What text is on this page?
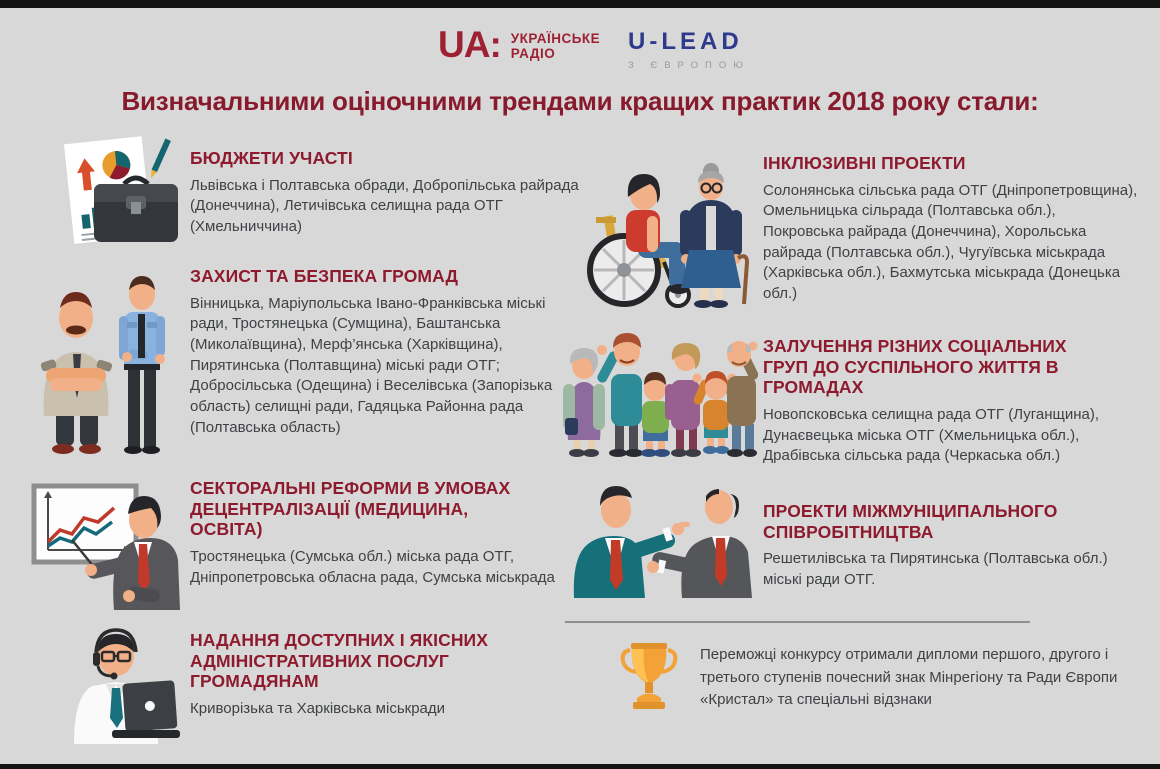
UA: УКРАЇНСЬКЕ
РАДІО	U-LEAD
З ЄВРОПОЮ
Визначальними оціночними трендами кращих практик 2018 року стали:
БЮДЖЕТИ УЧАСТІ

Львівська і Полтавська обради, Добропільська райрада (Донеччина), Летичівська селищна рада ОТГ (Хмельниччина)

ЗАХИСТ ТА БЕЗПЕКА ГРОМАД

Вінницька, Маріупольська Івано-Франківська міські ради, Тростянецька (Сумщина), Баштанська (Миколаївщина), Мерф’янська (Харківщина), Пирятинська (Полтавщина) міські ради ОТГ; Добросільська (Одещина) і Веселівська (Запорізька область) селищні ради, Гадяцька Районна рада (Полтавська область)

СЕКТОРАЛЬНІ РЕФОРМИ В УМОВАХ ДЕЦЕНТРАЛІЗАЦІЇ (МЕДИЦИНА, ОСВІТА)

Тростянецька (Сумська обл.) міська рада ОТГ, Дніпропетровська обласна рада, Сумська міськрада

НАДАННЯ ДОСТУПНИХ І ЯКІСНИХ АДМІНІСТРАТИВНИХ ПОСЛУГ ГРОМАДЯНАМ

Криворізька та Харківська міськради

ІНКЛЮЗИВНІ ПРОЕКТИ

Солонянська сільська рада ОТГ (Дніпропетровщина), Омельницька сільрада (Полтавська обл.), Покровська райрада (Донеччина), Хорольська райрада (Полтавська обл.), Чугуївська міськрада (Харківська обл.), Бахмутська міськрада (Донецька обл.)

ЗАЛУЧЕННЯ РІЗНИХ СОЦІАЛЬНИХ ГРУП ДО СУСПІЛЬНОГО ЖИТТЯ В ГРОМАДАХ

Новопсковська селищна рада ОТГ (Луганщина), Дунаєвецька міська ОТГ (Хмельницька обл.), Драбівська сільська рада (Черкаська обл.)

ПРОЕКТИ МІЖМУНІЦИПАЛЬНОГО СПІВРОБІТНИЦТВА

Решетилівська та Пирятинська (Полтавська обл.) міські ради ОТГ.

Переможці конкурсу отримали дипломи першого, другого і третього ступенів почесний знак Мінрегіону та Ради Європи «Кристал» та спеціальні відзнаки
